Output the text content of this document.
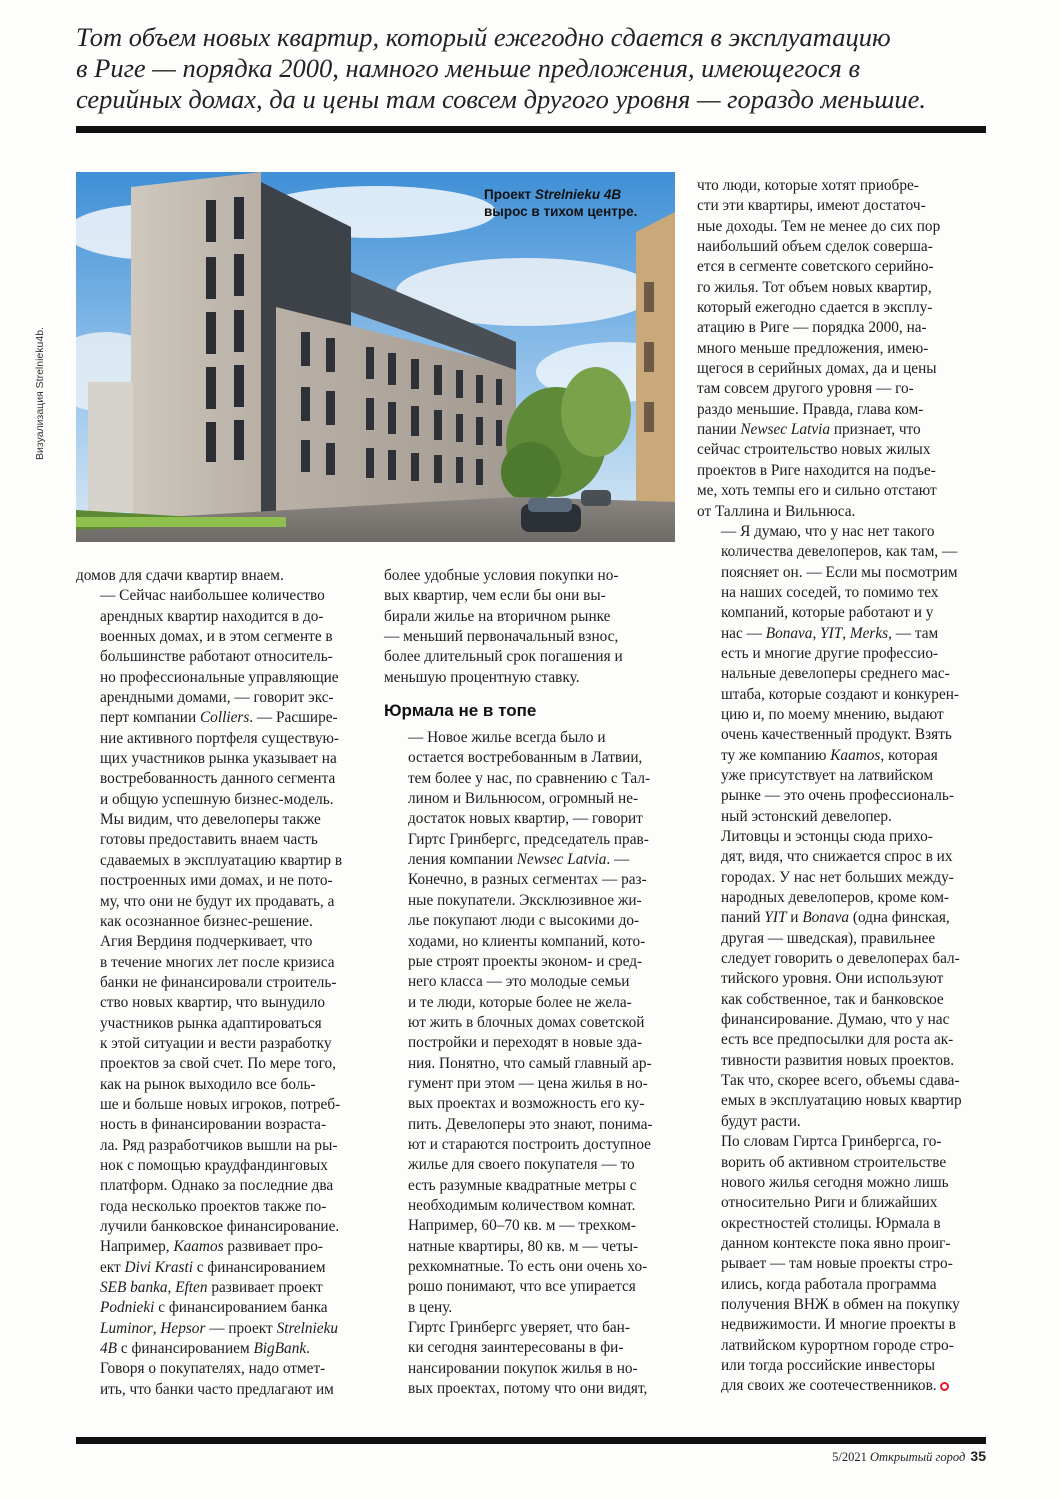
Тот объем новых квартир, который ежегодно сдается в эксплуатацию
в Риге — порядка 2000, намного меньше предложения, имеющегося в
серийных домах, да и цены там совсем другого уровня — гораздо меньшие.

Проект Strelnieku 4B
вырос в тихом центре.

Визуализация Strelnieku4b.

домов для сдачи квартир внаем.

— Сейчас наибольшее количество
арендных квартир находится в до-
военных домах, и в этом сегменте в
большинстве работают относитель-
но профессиональные управляющие
арендными домами, — говорит экс-
перт компании Colliers. — Расшире-
ние активного портфеля существую-
щих участников рынка указывает на
востребованность данного сегмента
и общую успешную бизнес-модель.
Мы видим, что девелоперы также
готовы предоставить внаем часть
сдаваемых в эксплуатацию квартир в
построенных ими домах, и не пото-
му, что они не будут их продавать, а
как осознанное бизнес-решение.

Агия Вердиня подчеркивает, что
в течение многих лет после кризиса
банки не финансировали строитель-
ство новых квартир, что вынудило
участников рынка адаптироваться
к этой ситуации и вести разработку
проектов за свой счет. По мере того,
как на рынок выходило все боль-
ше и больше новых игроков, потреб-
ность в финансировании возраста-
ла. Ряд разработчиков вышли на ры-
нок с помощью краудфандинговых
платформ. Однако за последние два
года несколько проектов также по-
лучили банковское финансирование.
Например, Kaamos развивает про-
ект Divi Krasti с финансированием
SEB banka, Eften развивает проект
Podnieki с финансированием банка
Luminor, Hepsor — проект Strelnieku
4B с финансированием BigBank.

Говоря о покупателях, надо отмет-
ить, что банки часто предлагают им

более удобные условия покупки но-
вых квартир, чем если бы они вы-
бирали жилье на вторичном рынке
— меньший первоначальный взнос,
более длительный срок погашения и
меньшую процентную ставку.

Юрмала не в топе

— Новое жилье всегда было и
остается востребованным в Латвии,
тем более у нас, по сравнению с Тал-
лином и Вильнюсом, огромный не-
достаток новых квартир, — говорит
Гиртс Гринбергс, председатель прав-
ления компании Newsec Latvia. —
Конечно, в разных сегментах — раз-
ные покупатели. Эксклюзивное жи-
лье покупают люди с высокими до-
ходами, но клиенты компаний, кото-
рые строят проекты эконом- и сред-
него класса — это молодые семьи
и те люди, которые более не жела-
ют жить в блочных домах советской
постройки и переходят в новые зда-
ния. Понятно, что самый главный ар-
гумент при этом — цена жилья в но-
вых проектах и возможность его ку-
пить. Девелоперы это знают, понима-
ют и стараются построить доступное
жилье для своего покупателя — то
есть разумные квадратные метры с
необходимым количеством комнат.
Например, 60–70 кв. м — трехком-
натные квартиры, 80 кв. м — четы-
рехкомнатные. То есть они очень хо-
рошо понимают, что все упирается
в цену.

Гиртс Гринбергс уверяет, что бан-
ки сегодня заинтересованы в фи-
нансировании покупок жилья в но-
вых проектах, потому что они видят,

что люди, которые хотят приобре-
сти эти квартиры, имеют достаточ-
ные доходы. Тем не менее до сих пор
наибольший объем сделок соверша-
ется в сегменте советского серийно-
го жилья. Тот объем новых квартир,
который ежегодно сдается в эксплу-
атацию в Риге — порядка 2000, на-
много меньше предложения, имею-
щегося в серийных домах, да и цены
там совсем другого уровня — го-
раздо меньшие. Правда, глава ком-
пании Newsec Latvia признает, что
сейчас строительство новых жилых
проектов в Риге находится на подъе-
ме, хоть темпы его и сильно отстают
от Таллина и Вильнюса.

— Я думаю, что у нас нет такого
количества девелоперов, как там, —
поясняет он. — Если мы посмотрим
на наших соседей, то помимо тех
компаний, которые работают и у
нас — Bonava, YIT, Merks, — там
есть и многие другие профессио-
нальные девелоперы среднего мас-
штаба, которые создают и конкурен-
цию и, по моему мнению, выдают
очень качественный продукт. Взять
ту же компанию Kaamos, которая
уже присутствует на латвийском
рынке — это очень профессиональ-
ный эстонский девелопер.

Литовцы и эстонцы сюда прихо-
дят, видя, что снижается спрос в их
городах. У нас нет больших между-
народных девелоперов, кроме ком-
паний YIT и Bonava (одна финская,
другая — шведская), правильнее
следует говорить о девелоперах бал-
тийского уровня. Они используют
как собственное, так и банковское
финансирование. Думаю, что у нас
есть все предпосылки для роста ак-
тивности развития новых проектов.
Так что, скорее всего, объемы сдава-
емых в эксплуатацию новых квартир
будут расти.

По словам Гиртса Гринбергса, го-
ворить об активном строительстве
нового жилья сегодня можно лишь
относительно Риги и ближайших
окрестностей столицы. Юрмала в
данном контексте пока явно проиг-
рывает — там новые проекты стро-
ились, когда работала программа
получения ВНЖ в обмен на покупку
недвижимости. И многие проекты в
латвийском курортном городе стро-
или тогда российские инвесторы
для своих же соотечественников.

5/2021 Открытый город 35
